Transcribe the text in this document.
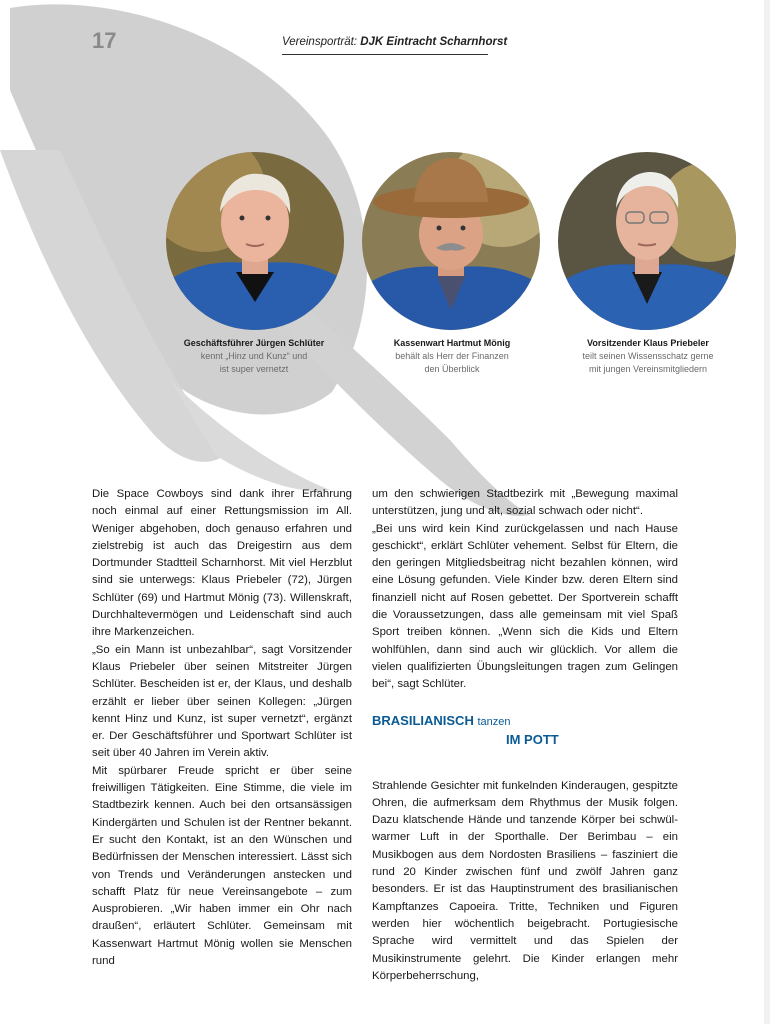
17	Vereinsporträt: DJK Eintracht Scharnhorst
Geschäftsführer Jürgen Schlüter
kennt „Hinz und Kunz“ und
ist super vernetzt
Kassenwart Hartmut Mönig
behält als Herr der Finanzen
den Überblick
Vorsitzender Klaus Priebeler
teilt seinen Wissensschatz gerne
mit jungen Vereinsmitgliedern

Die Space Cowboys sind dank ihrer Erfahrung noch einmal auf einer Rettungsmission im All. Weniger abgehoben, doch genauso erfahren und zielstrebig ist auch das Dreigestirn aus dem Dortmunder Stadtteil Scharnhorst. Mit viel Herzblut sind sie unterwegs: Klaus Priebeler (72), Jürgen Schlüter (69) und Hartmut Mönig (73). Willenskraft, Durchhaltevermögen und Leidenschaft sind auch ihre Markenzeichen.

„So ein Mann ist unbezahlbar“, sagt Vorsitzender Klaus Priebeler über seinen Mitstreiter Jürgen Schlüter. Bescheiden ist er, der Klaus, und deshalb erzählt er lieber über seinen Kollegen: „Jürgen kennt Hinz und Kunz, ist super vernetzt“, ergänzt er. Der Geschäftsführer und Sportwart Schlüter ist seit über 40 Jahren im Verein aktiv.

Mit spürbarer Freude spricht er über seine freiwilligen Tätigkeiten. Eine Stimme, die viele im Stadtbezirk kennen. Auch bei den ortsansässigen Kindergärten und Schulen ist der Rentner bekannt. Er sucht den Kontakt, ist an den Wünschen und Bedürfnissen der Menschen interessiert. Lässt sich von Trends und Veränderungen anstecken und schafft Platz für neue Vereinsangebote – zum Ausprobieren. „Wir haben immer ein Ohr nach draußen“, erläutert Schlüter. Gemeinsam mit Kassenwart Hartmut Mönig wollen sie Menschen rund

um den schwierigen Stadtbezirk mit „Bewegung maximal unterstützen, jung und alt, sozial schwach oder nicht“.

„Bei uns wird kein Kind zurückgelassen und nach Hause geschickt“, erklärt Schlüter vehement. Selbst für Eltern, die den geringen Mitgliedsbeitrag nicht bezahlen können, wird eine Lösung gefunden. Viele Kinder bzw. deren Eltern sind finanziell nicht auf Rosen gebettet. Der Sportverein schafft die Voraussetzungen, dass alle gemeinsam mit viel Spaß Sport treiben können. „Wenn sich die Kids und Eltern wohlfühlen, dann sind auch wir glücklich. Vor allem die vielen qualifizierten Übungsleitungen tragen zum Gelingen bei“, sagt Schlüter.

BRASILIANISCH tanzen
IM POTT

Strahlende Gesichter mit funkelnden Kinderaugen, gespitzte Ohren, die aufmerksam dem Rhythmus der Musik folgen. Dazu klatschende Hände und tanzende Körper bei schwül-warmer Luft in der Sporthalle. Der Berimbau – ein Musikbogen aus dem Nordosten Brasiliens – fasziniert die rund 20 Kinder zwischen fünf und zwölf Jahren ganz besonders. Er ist das Hauptinstrument des brasilianischen Kampftanzes Capoeira. Tritte, Techniken und Figuren werden hier wöchentlich beigebracht. Portugiesische Sprache wird vermittelt und das Spielen der Musikinstrumente gelehrt. Die Kinder erlangen mehr Körperbeherrschung,
